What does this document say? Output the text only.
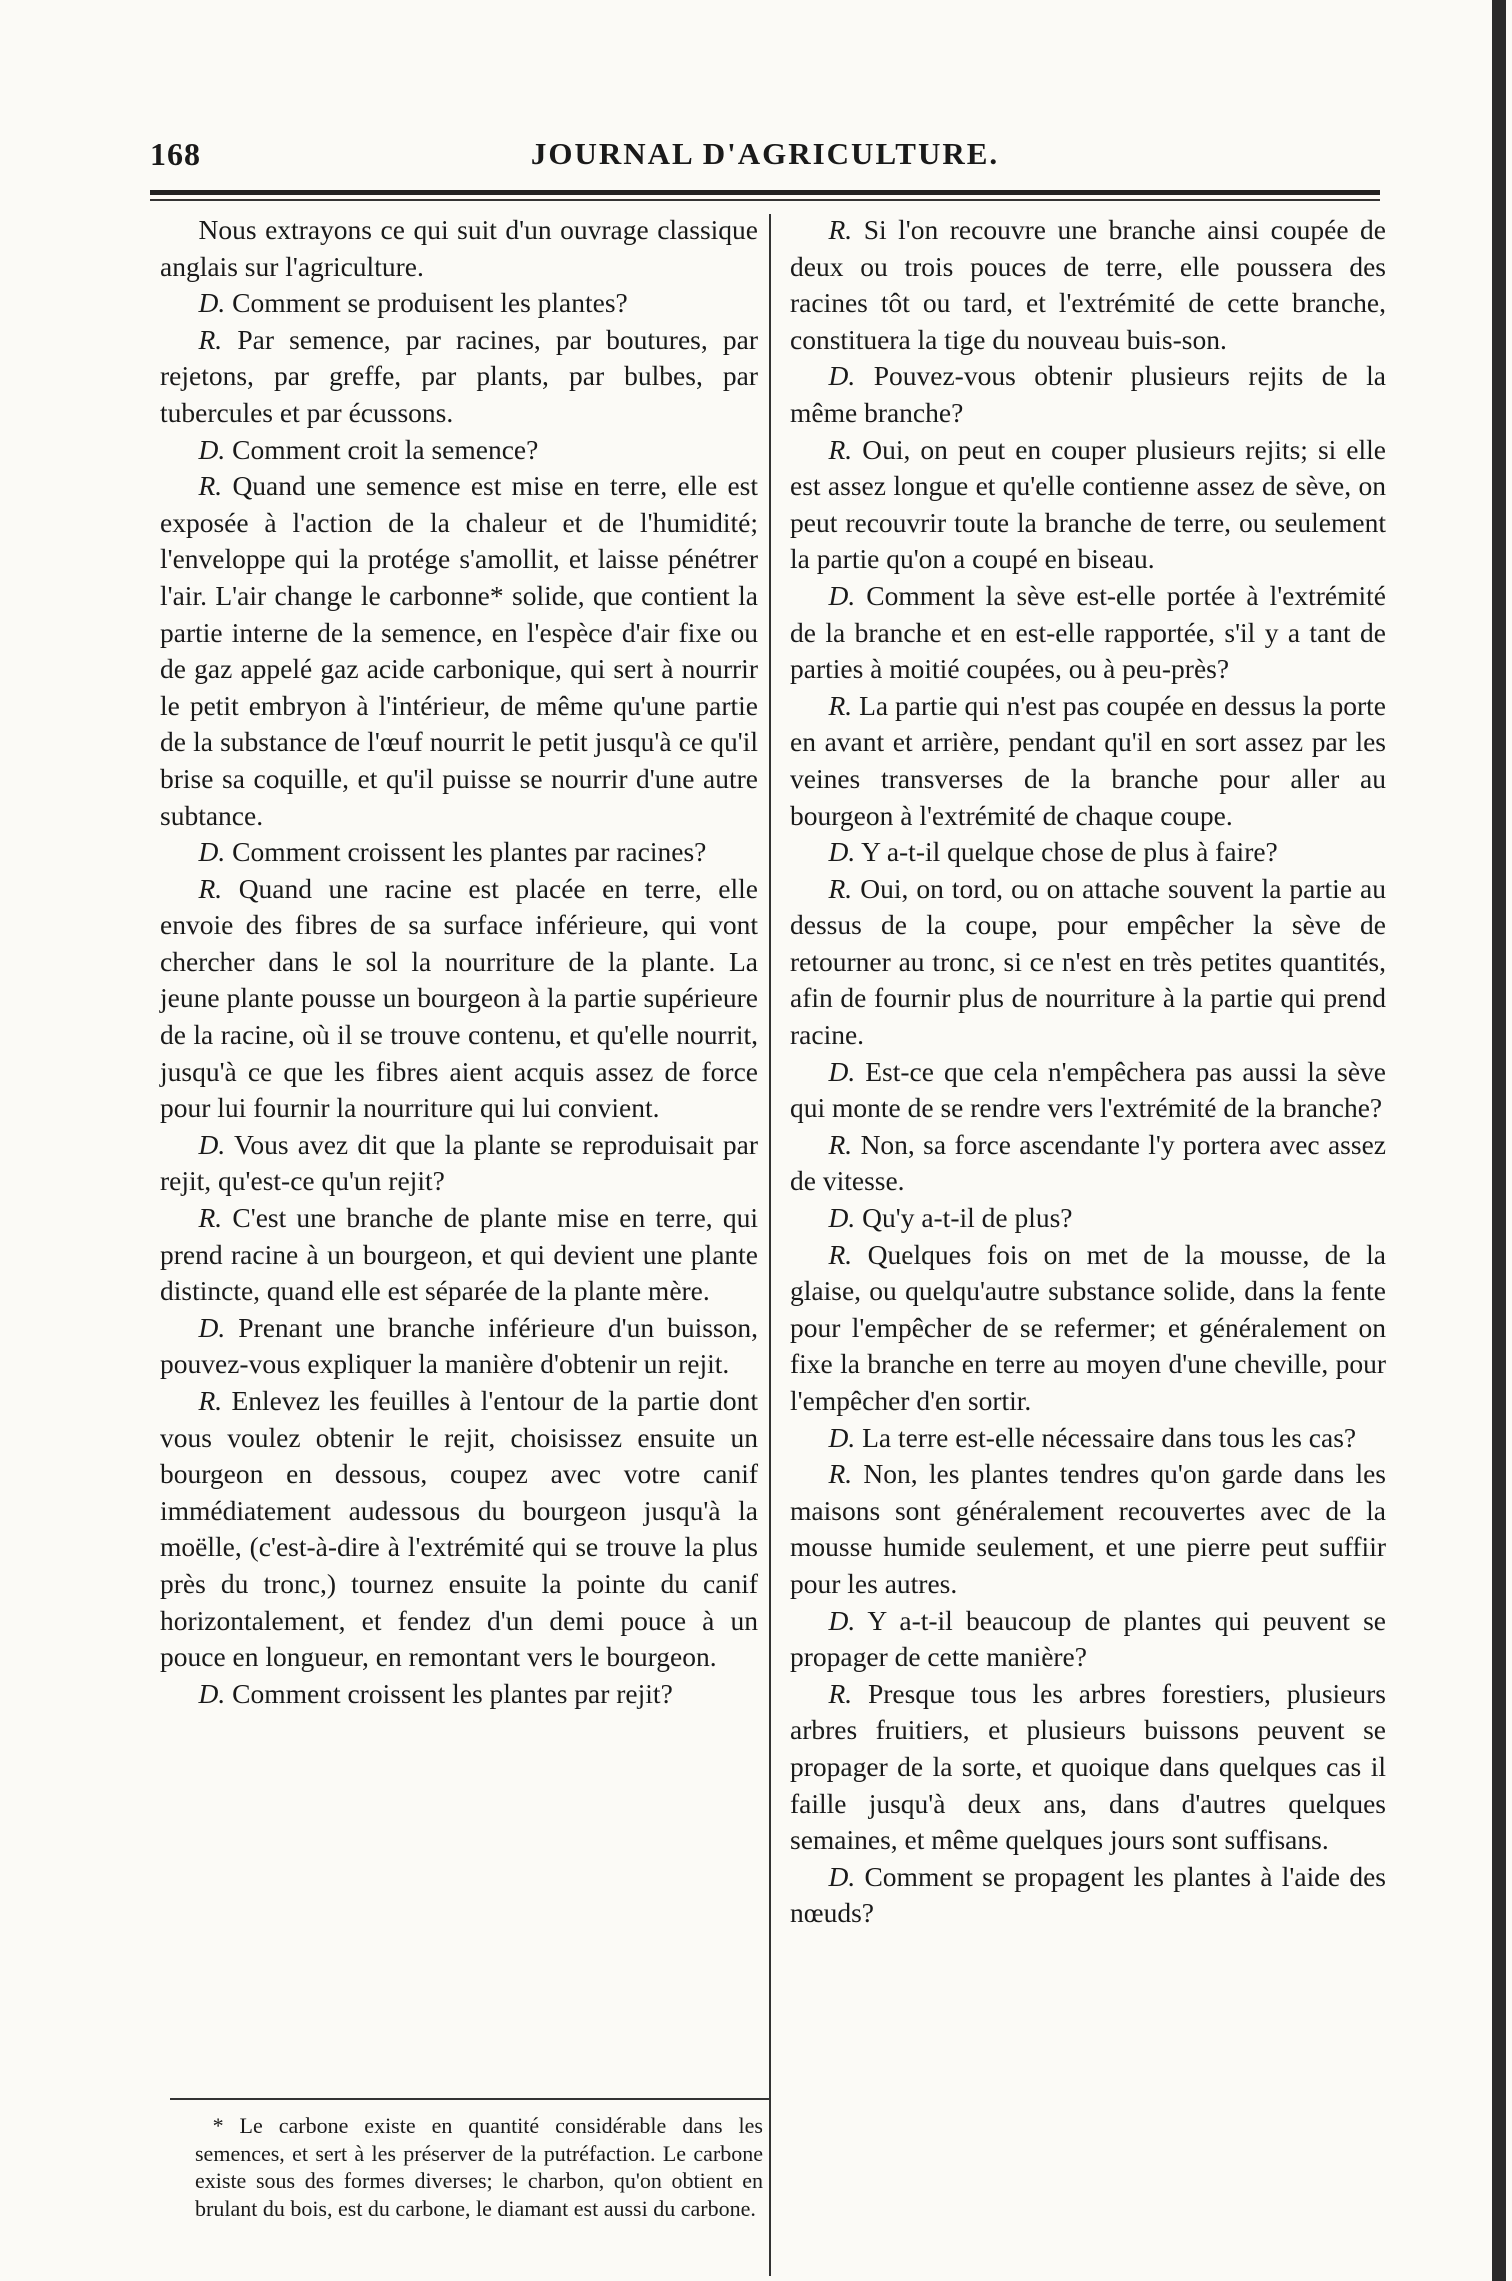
168	JOURNAL D'AGRICULTURE.

Nous extrayons ce qui suit d'un ouvrage classique anglais sur l'agriculture.

D. Comment se produisent les plantes?

R. Par semence, par racines, par boutures, par rejetons, par greffe, par plants, par bulbes, par tubercules et par écussons.

D. Comment croit la semence?

R. Quand une semence est mise en terre, elle est exposée à l'action de la chaleur et de l'humidité; l'enveloppe qui la protége s'amollit, et laisse pénétrer l'air. L'air change le carbonne* solide, que contient la partie interne de la semence, en l'espèce d'air fixe ou de gaz appelé gaz acide carbonique, qui sert à nourrir le petit embryon à l'intérieur, de même qu'une partie de la substance de l'œuf nourrit le petit jusqu'à ce qu'il brise sa coquille, et qu'il puisse se nourrir d'une autre subtance.

D. Comment croissent les plantes par racines?

R. Quand une racine est placée en terre, elle envoie des fibres de sa surface inférieure, qui vont chercher dans le sol la nourriture de la plante. La jeune plante pousse un bourgeon à la partie supérieure de la racine, où il se trouve contenu, et qu'elle nourrit, jusqu'à ce que les fibres aient acquis assez de force pour lui fournir la nourriture qui lui convient.

D. Vous avez dit que la plante se reproduisait par rejit, qu'est-ce qu'un rejit?

R. C'est une branche de plante mise en terre, qui prend racine à un bourgeon, et qui devient une plante distincte, quand elle est séparée de la plante mère.

D. Prenant une branche inférieure d'un buisson, pouvez-vous expliquer la manière d'obtenir un rejit.

R. Enlevez les feuilles à l'entour de la partie dont vous voulez obtenir le rejit, choisissez ensuite un bourgeon en dessous, coupez avec votre canif immédiatement audessous du bourgeon jusqu'à la moëlle, (c'est-à-dire à l'extrémité qui se trouve la plus près du tronc,) tournez ensuite la pointe du canif horizontalement, et fendez d'un demi pouce à un pouce en longueur, en remontant vers le bourgeon.

D. Comment croissent les plantes par rejit?

R. Si l'on recouvre une branche ainsi coupée de deux ou trois pouces de terre, elle poussera des racines tôt ou tard, et l'extrémité de cette branche, constituera la tige du nouveau buis-son.

D. Pouvez-vous obtenir plusieurs rejits de la même branche?

R. Oui, on peut en couper plusieurs rejits; si elle est assez longue et qu'elle contienne assez de sève, on peut recouvrir toute la branche de terre, ou seulement la partie qu'on a coupé en biseau.

D. Comment la sève est-elle portée à l'extrémité de la branche et en est-elle rapportée, s'il y a tant de parties à moitié coupées, ou à peu-près?

R. La partie qui n'est pas coupée en dessus la porte en avant et arrière, pendant qu'il en sort assez par les veines transverses de la branche pour aller au bourgeon à l'extrémité de chaque coupe.

D. Y a-t-il quelque chose de plus à faire?

R. Oui, on tord, ou on attache souvent la partie au dessus de la coupe, pour empêcher la sève de retourner au tronc, si ce n'est en très petites quantités, afin de fournir plus de nourriture à la partie qui prend racine.

D. Est-ce que cela n'empêchera pas aussi la sève qui monte de se rendre vers l'extrémité de la branche?

R. Non, sa force ascendante l'y portera avec assez de vitesse.

D. Qu'y a-t-il de plus?

R. Quelques fois on met de la mousse, de la glaise, ou quelqu'autre substance solide, dans la fente pour l'empêcher de se refermer; et généralement on fixe la branche en terre au moyen d'une cheville, pour l'empêcher d'en sortir.

D. La terre est-elle nécessaire dans tous les cas?

R. Non, les plantes tendres qu'on garde dans les maisons sont généralement recouvertes avec de la mousse humide seulement, et une pierre peut suffiir pour les autres.

D. Y a-t-il beaucoup de plantes qui peuvent se propager de cette manière?

R. Presque tous les arbres forestiers, plusieurs arbres fruitiers, et plusieurs buissons peuvent se propager de la sorte, et quoique dans quelques cas il faille jusqu'à deux ans, dans d'autres quelques semaines, et même quelques jours sont suffisans.

D. Comment se propagent les plantes à l'aide des nœuds?

* Le carbone existe en quantité considérable dans les semences, et sert à les préserver de la putréfaction. Le carbone existe sous des formes diverses; le charbon, qu'on obtient en brulant du bois, est du carbone, le diamant est aussi du carbone.
